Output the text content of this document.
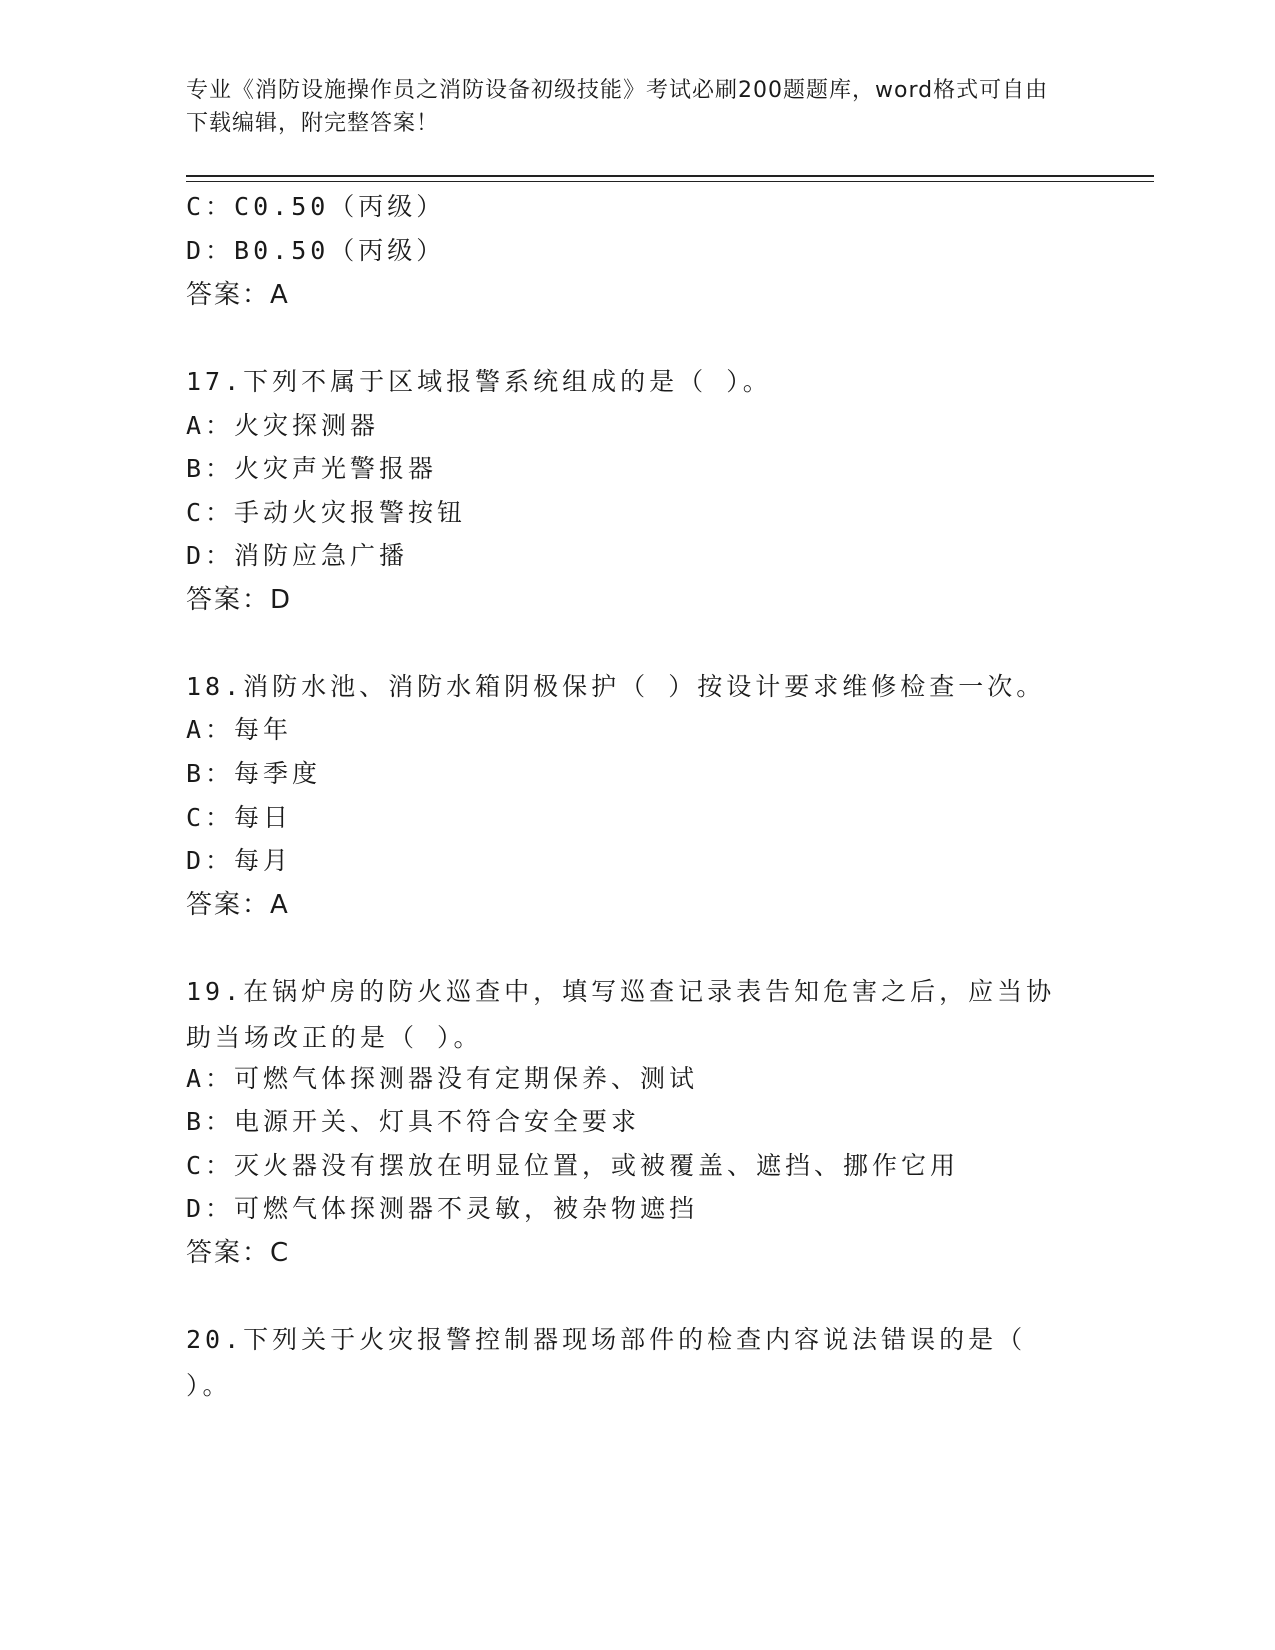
专业《消防设施操作员之消防设备初级技能》考试必刷200题题库，word格式可自由下载编辑，附完整答案！
C：C0.50（丙级）
D：B0.50（丙级）
答案：A
17.下列不属于区域报警系统组成的是（ ）。
A：火灾探测器
B：火灾声光警报器
C：手动火灾报警按钮
D：消防应急广播
答案：D
18.消防水池、消防水箱阴极保护（ ）按设计要求维修检查一次。
A：每年
B：每季度
C：每日
D：每月
答案：A
19.在锅炉房的防火巡查中，填写巡查记录表告知危害之后，应当协助当场改正的是（ ）。
A：可燃气体探测器没有定期保养、测试
B：电源开关、灯具不符合安全要求
C：灭火器没有摆放在明显位置，或被覆盖、遮挡、挪作它用
D：可燃气体探测器不灵敏，被杂物遮挡
答案：C
20.下列关于火灾报警控制器现场部件的检查内容说法错误的是（ ）。
